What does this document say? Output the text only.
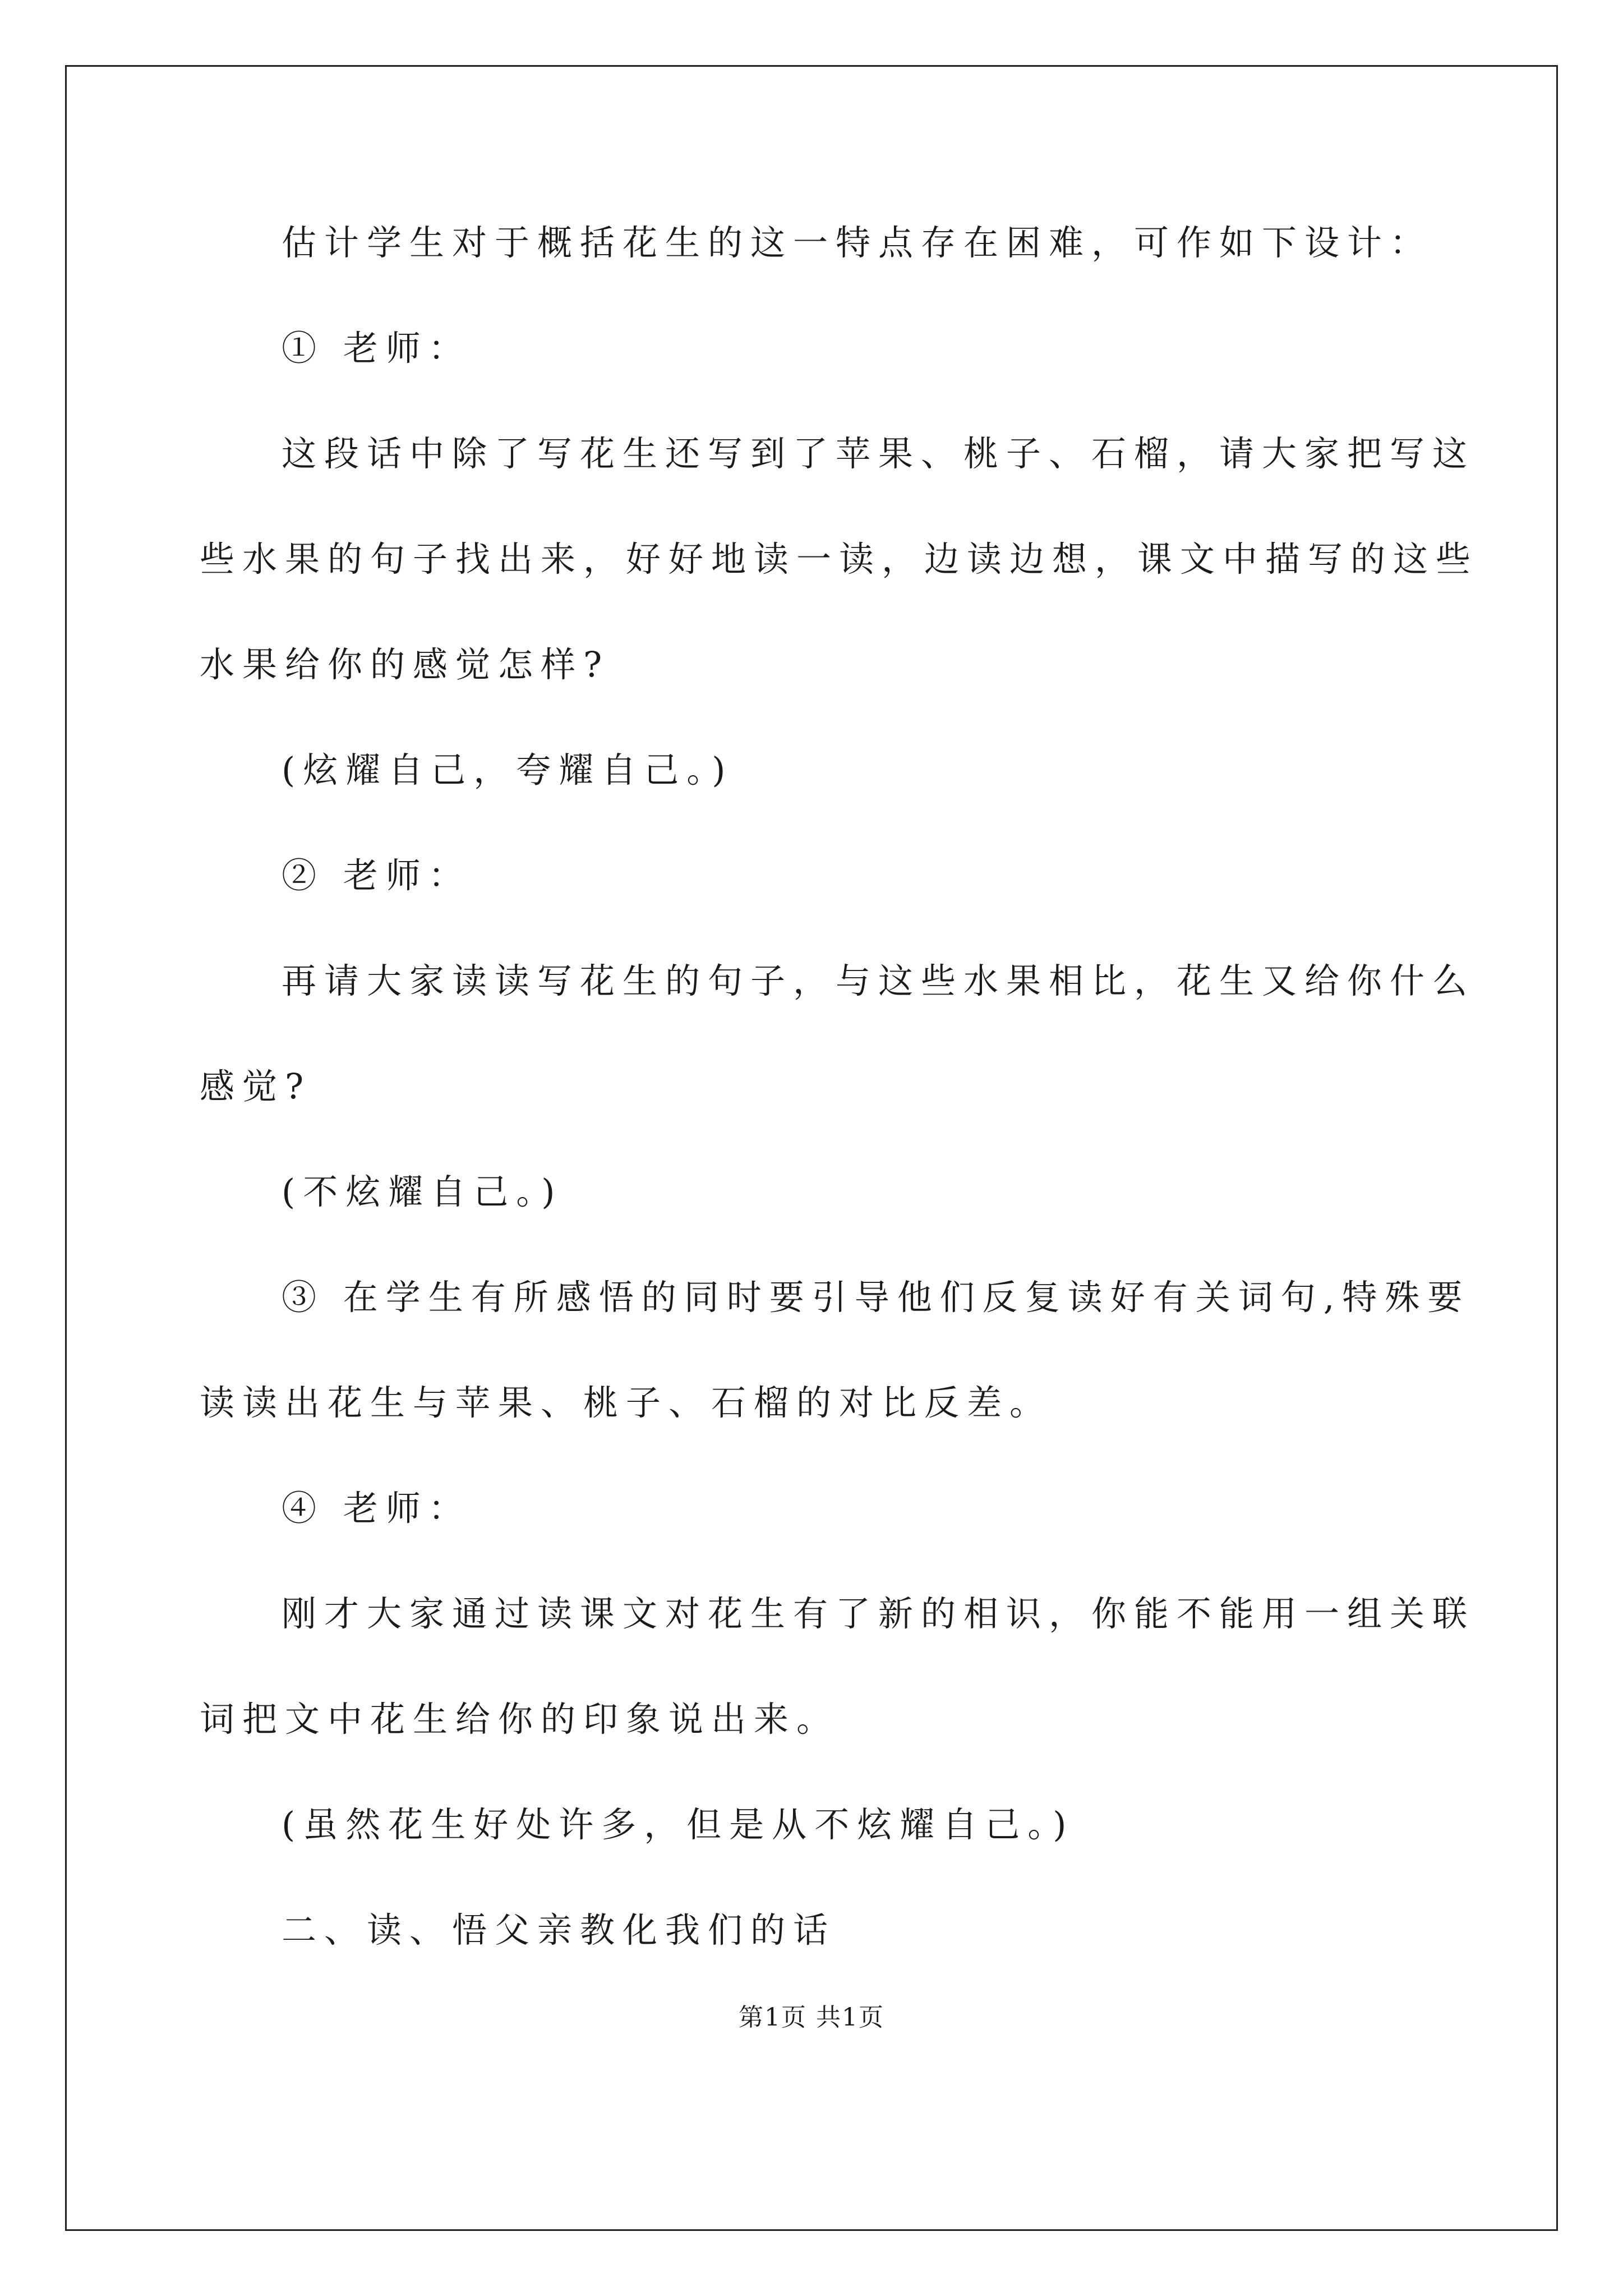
估计学生对于概括花生的这一特点存在困难，可作如下设计：
① 老师：
这段话中除了写花生还写到了苹果、桃子、石榴，请大家把写这
些水果的句子找出来，好好地读一读，边读边想，课文中描写的这些
水果给你的感觉怎样?
(炫耀自己，夸耀自己。)
② 老师：
再请大家读读写花生的句子，与这些水果相比，花生又给你什么
感觉?
(不炫耀自己。)
③ 在学生有所感悟的同时要引导他们反复读好有关词句,特殊要
读读出花生与苹果、桃子、石榴的对比反差。
④ 老师：
刚才大家通过读课文对花生有了新的相识，你能不能用一组关联
词把文中花生给你的印象说出来。
(虽然花生好处许多，但是从不炫耀自己。)
二、读、悟父亲教化我们的话
第1页 共1页
